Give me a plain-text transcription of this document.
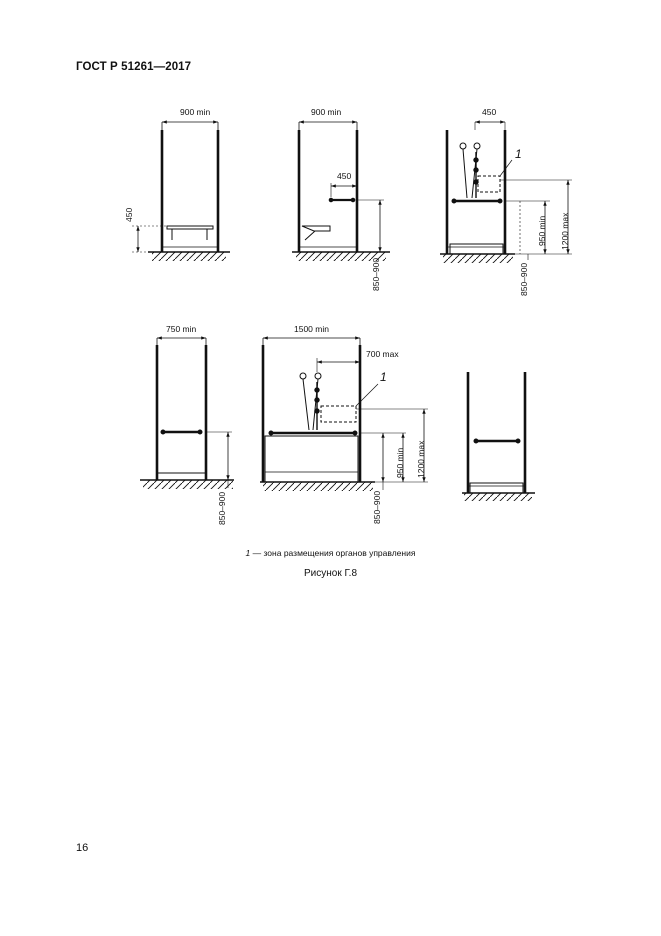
ГОСТ Р 51261—2017
900 min
450
900 min
450
850–900
450
1
950 min 1200 max
850–900
750 min
850–900
1500 min
700 max
1
950 min 1200 max
850–900
1 — зона размещения органов управления
Рисунок Г.8
16
